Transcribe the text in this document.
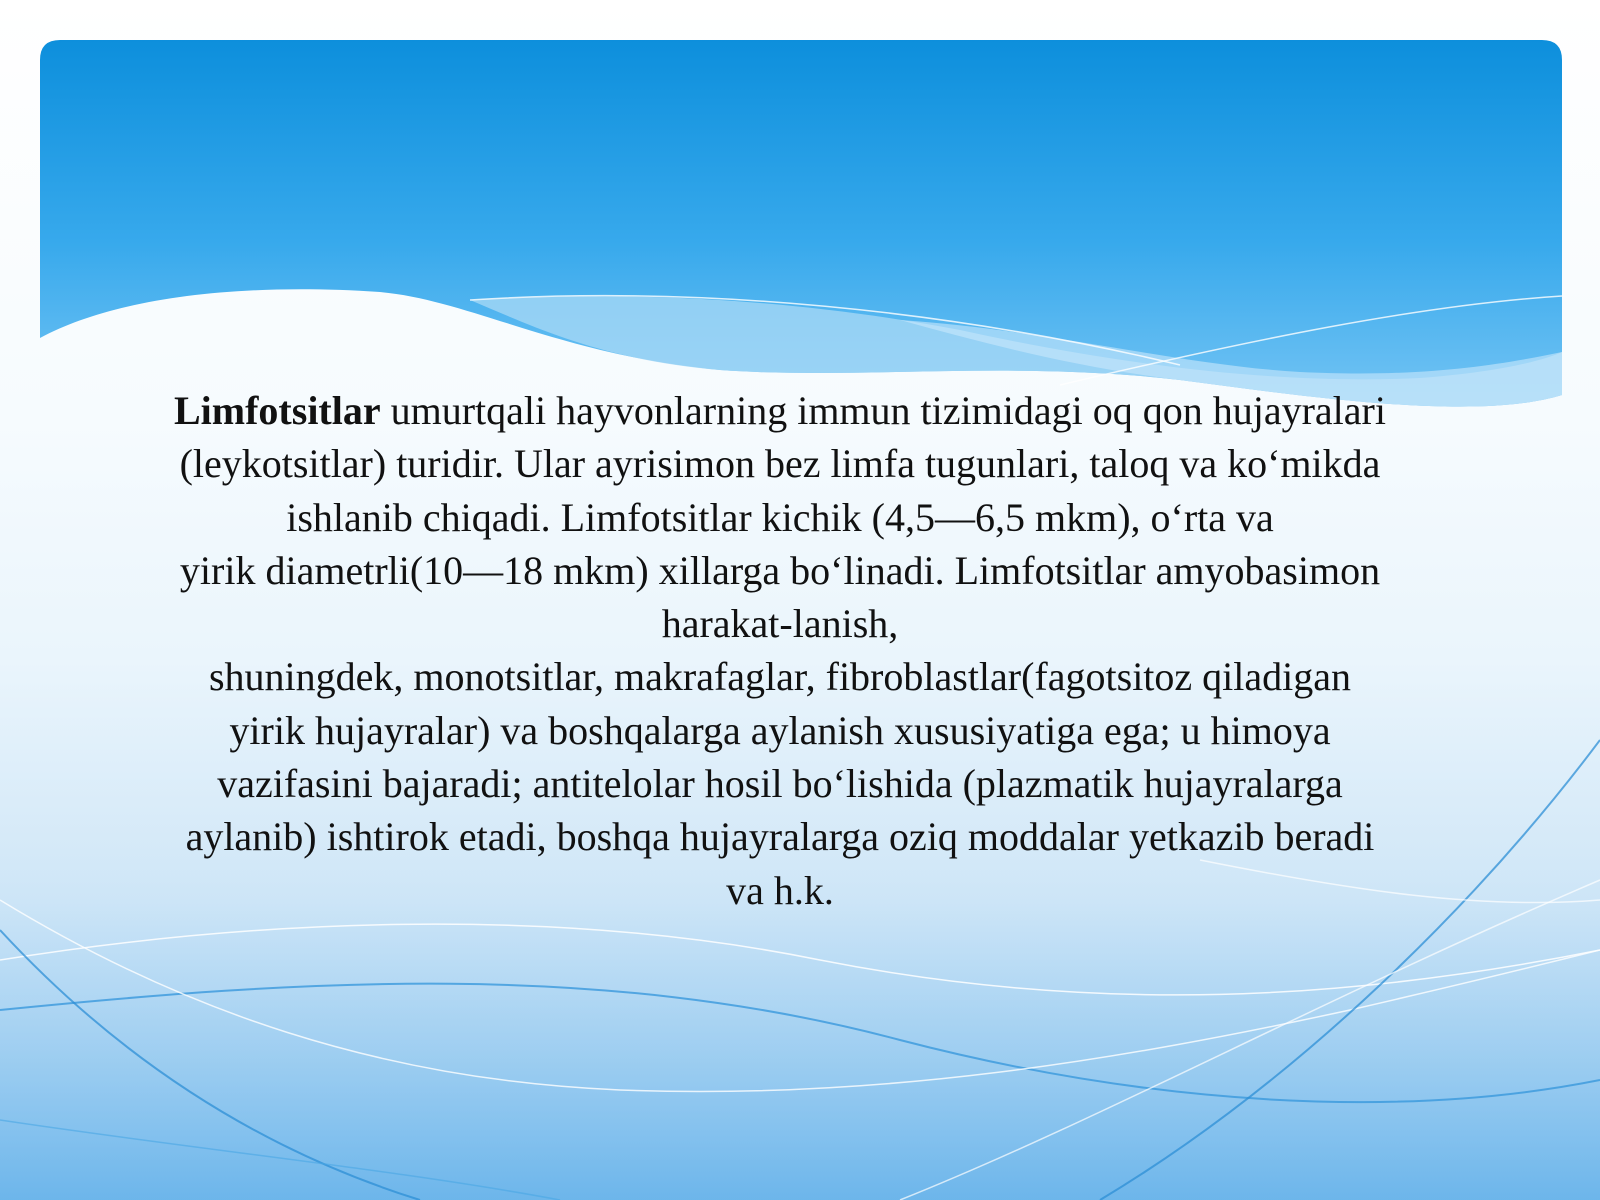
Limfotsitlar umurtqali hayvonlarning immun tizimidagi oq qon hujayralari

(leykotsitlar) turidir. Ular ayrisimon bez limfa tugunlari, taloq va ko‘mikda

ishlanib chiqadi. Limfotsitlar kichik (4,5—6,5 mkm), o‘rta va

yirik diametrli(10—18 mkm) xillarga bo‘linadi. Limfotsitlar amyobasimon

harakat-lanish,

shuningdek, monotsitlar, makrafaglar, fibroblastlar(fagotsitoz qiladigan

yirik hujayralar) va boshqalarga aylanish xususiyatiga ega; u himoya

vazifasini bajaradi; antitelolar hosil bo‘lishida (plazmatik hujayralarga

aylanib) ishtirok etadi, boshqa hujayralarga oziq moddalar yetkazib beradi

va h.k.
